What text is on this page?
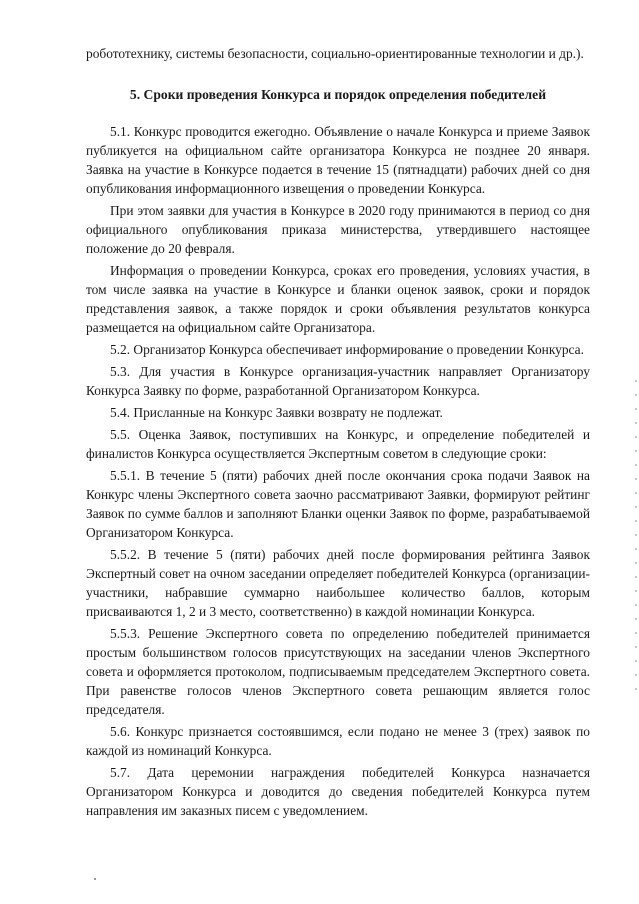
робототехнику, системы безопасности, социально-ориентированные технологии и др.).

5. Сроки проведения Конкурса и порядок определения победителей

5.1. Конкурс проводится ежегодно. Объявление о начале Конкурса и приеме Заявок публикуется на официальном сайте организатора Конкурса не позднее 20 января. Заявка на участие в Конкурсе подается в течение 15 (пятнадцати) рабочих дней со дня опубликования информационного извещения о проведении Конкурса.

При этом заявки для участия в Конкурсе в 2020 году принимаются в период со дня официального опубликования приказа министерства, утвердившего настоящее положение до 20 февраля.

Информация о проведении Конкурса, сроках его проведения, условиях участия, в том числе заявка на участие в Конкурсе и бланки оценок заявок, сроки и порядок представления заявок, а также порядок и сроки объявления результатов конкурса размещается на официальном сайте Организатора.

5.2. Организатор Конкурса обеспечивает информирование о проведении Конкурса.

5.3. Для участия в Конкурсе организация-участник направляет Организатору Конкурса Заявку по форме, разработанной Организатором Конкурса.

5.4. Присланные на Конкурс Заявки возврату не подлежат.

5.5. Оценка Заявок, поступивших на Конкурс, и определение победителей и финалистов Конкурса осуществляется Экспертным советом в следующие сроки:

5.5.1. В течение 5 (пяти) рабочих дней после окончания срока подачи Заявок на Конкурс члены Экспертного совета заочно рассматривают Заявки, формируют рейтинг Заявок по сумме баллов и заполняют Бланки оценки Заявок по форме, разрабатываемой Организатором Конкурса.

5.5.2. В течение 5 (пяти) рабочих дней после формирования рейтинга Заявок Экспертный совет на очном заседании определяет победителей Конкурса (организации-участники, набравшие суммарно наибольшее количество баллов, которым присваиваются 1, 2 и 3 место, соответственно) в каждой номинации Конкурса.

5.5.3. Решение Экспертного совета по определению победителей принимается простым большинством голосов присутствующих на заседании членов Экспертного совета и оформляется протоколом, подписываемым председателем Экспертного совета. При равенстве голосов членов Экспертного совета решающим является голос председателя.

5.6. Конкурс признается состоявшимся, если подано не менее 3 (трех) заявок по каждой из номинаций Конкурса.

5.7. Дата церемонии награждения победителей Конкурса назначается Организатором Конкурса и доводится до сведения победителей Конкурса путем направления им заказных писем с уведомлением.
